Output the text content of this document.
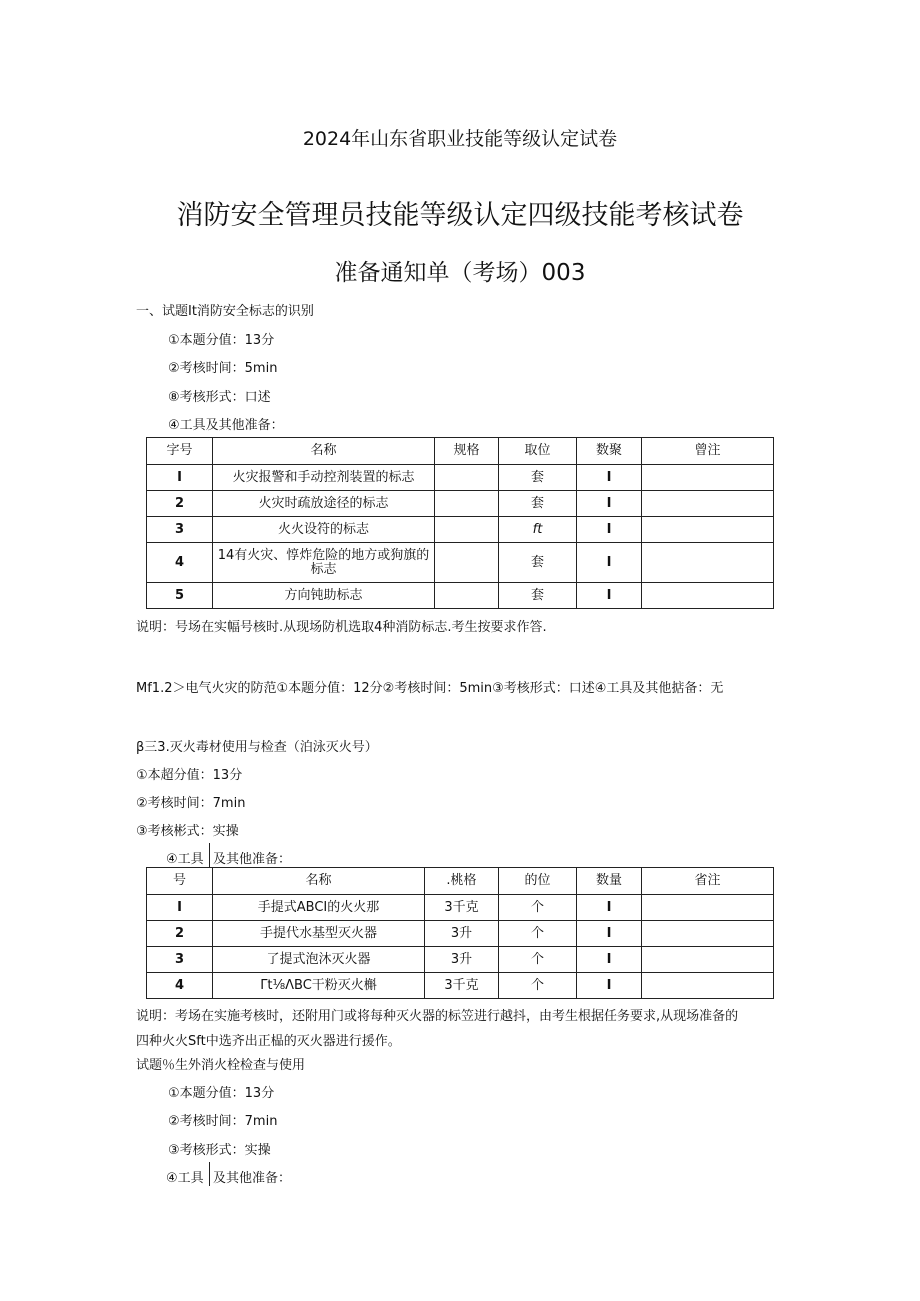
2024年山东省职业技能等级认定试卷
消防安全管理员技能等级认定四级技能考核试卷
准备通知单（考场）003
一、试题It消防安全标志的识别
①本题分值：13分
②考核时间：5min
⑧考核形式：口述
④工具及其他准备：
字号	名称	规格	取位	数聚	曾注
I	火灾报警和手动控剂装置的标志		套	I	
2	火灾时疏放途径的标志		套	I	
3	火火设符的标志		ft	I	
4	14有火灾、惇炸危险的地方或狗旗的标志		套	I	
5	方向钝助标志		套	I	
说明：号场在实幅号核时.从现场防机选取4种消防标志.考生按要求作答.
Mf1.2＞电气火灾的防范①本题分值：12分②考核时间：5min③考核形式：口述④工具及其他掂备：无
β三3.灭火毒材使用与检查（泊泳灭火号）
①本超分值：13分
②考核时间：7min
③考核彬式：实操
④工具 及其他准备：
号	名称	.桃格	的位	数量	省注
I	手提式ABCI的火火那	3千克	个	I	
2	手提代水基型灭火器	3升	个	I	
3	了提式泡沐灭火器	3升	个	I	
4	Γt⅛ΛBC干粉灭火槲	3千克	个	I	
说明：考场在实施考核时，还附用门或将每种灭火器的标笠进行越抖，由考生根据任务要求,从现场准备的
四种火火Sft中选齐出正榀的灭火器进行援作。
试题％生外消火栓检查与使用
①本题分值：13分
②考核时间：7min
③考核形式：实操
④工具 及其他准备：
